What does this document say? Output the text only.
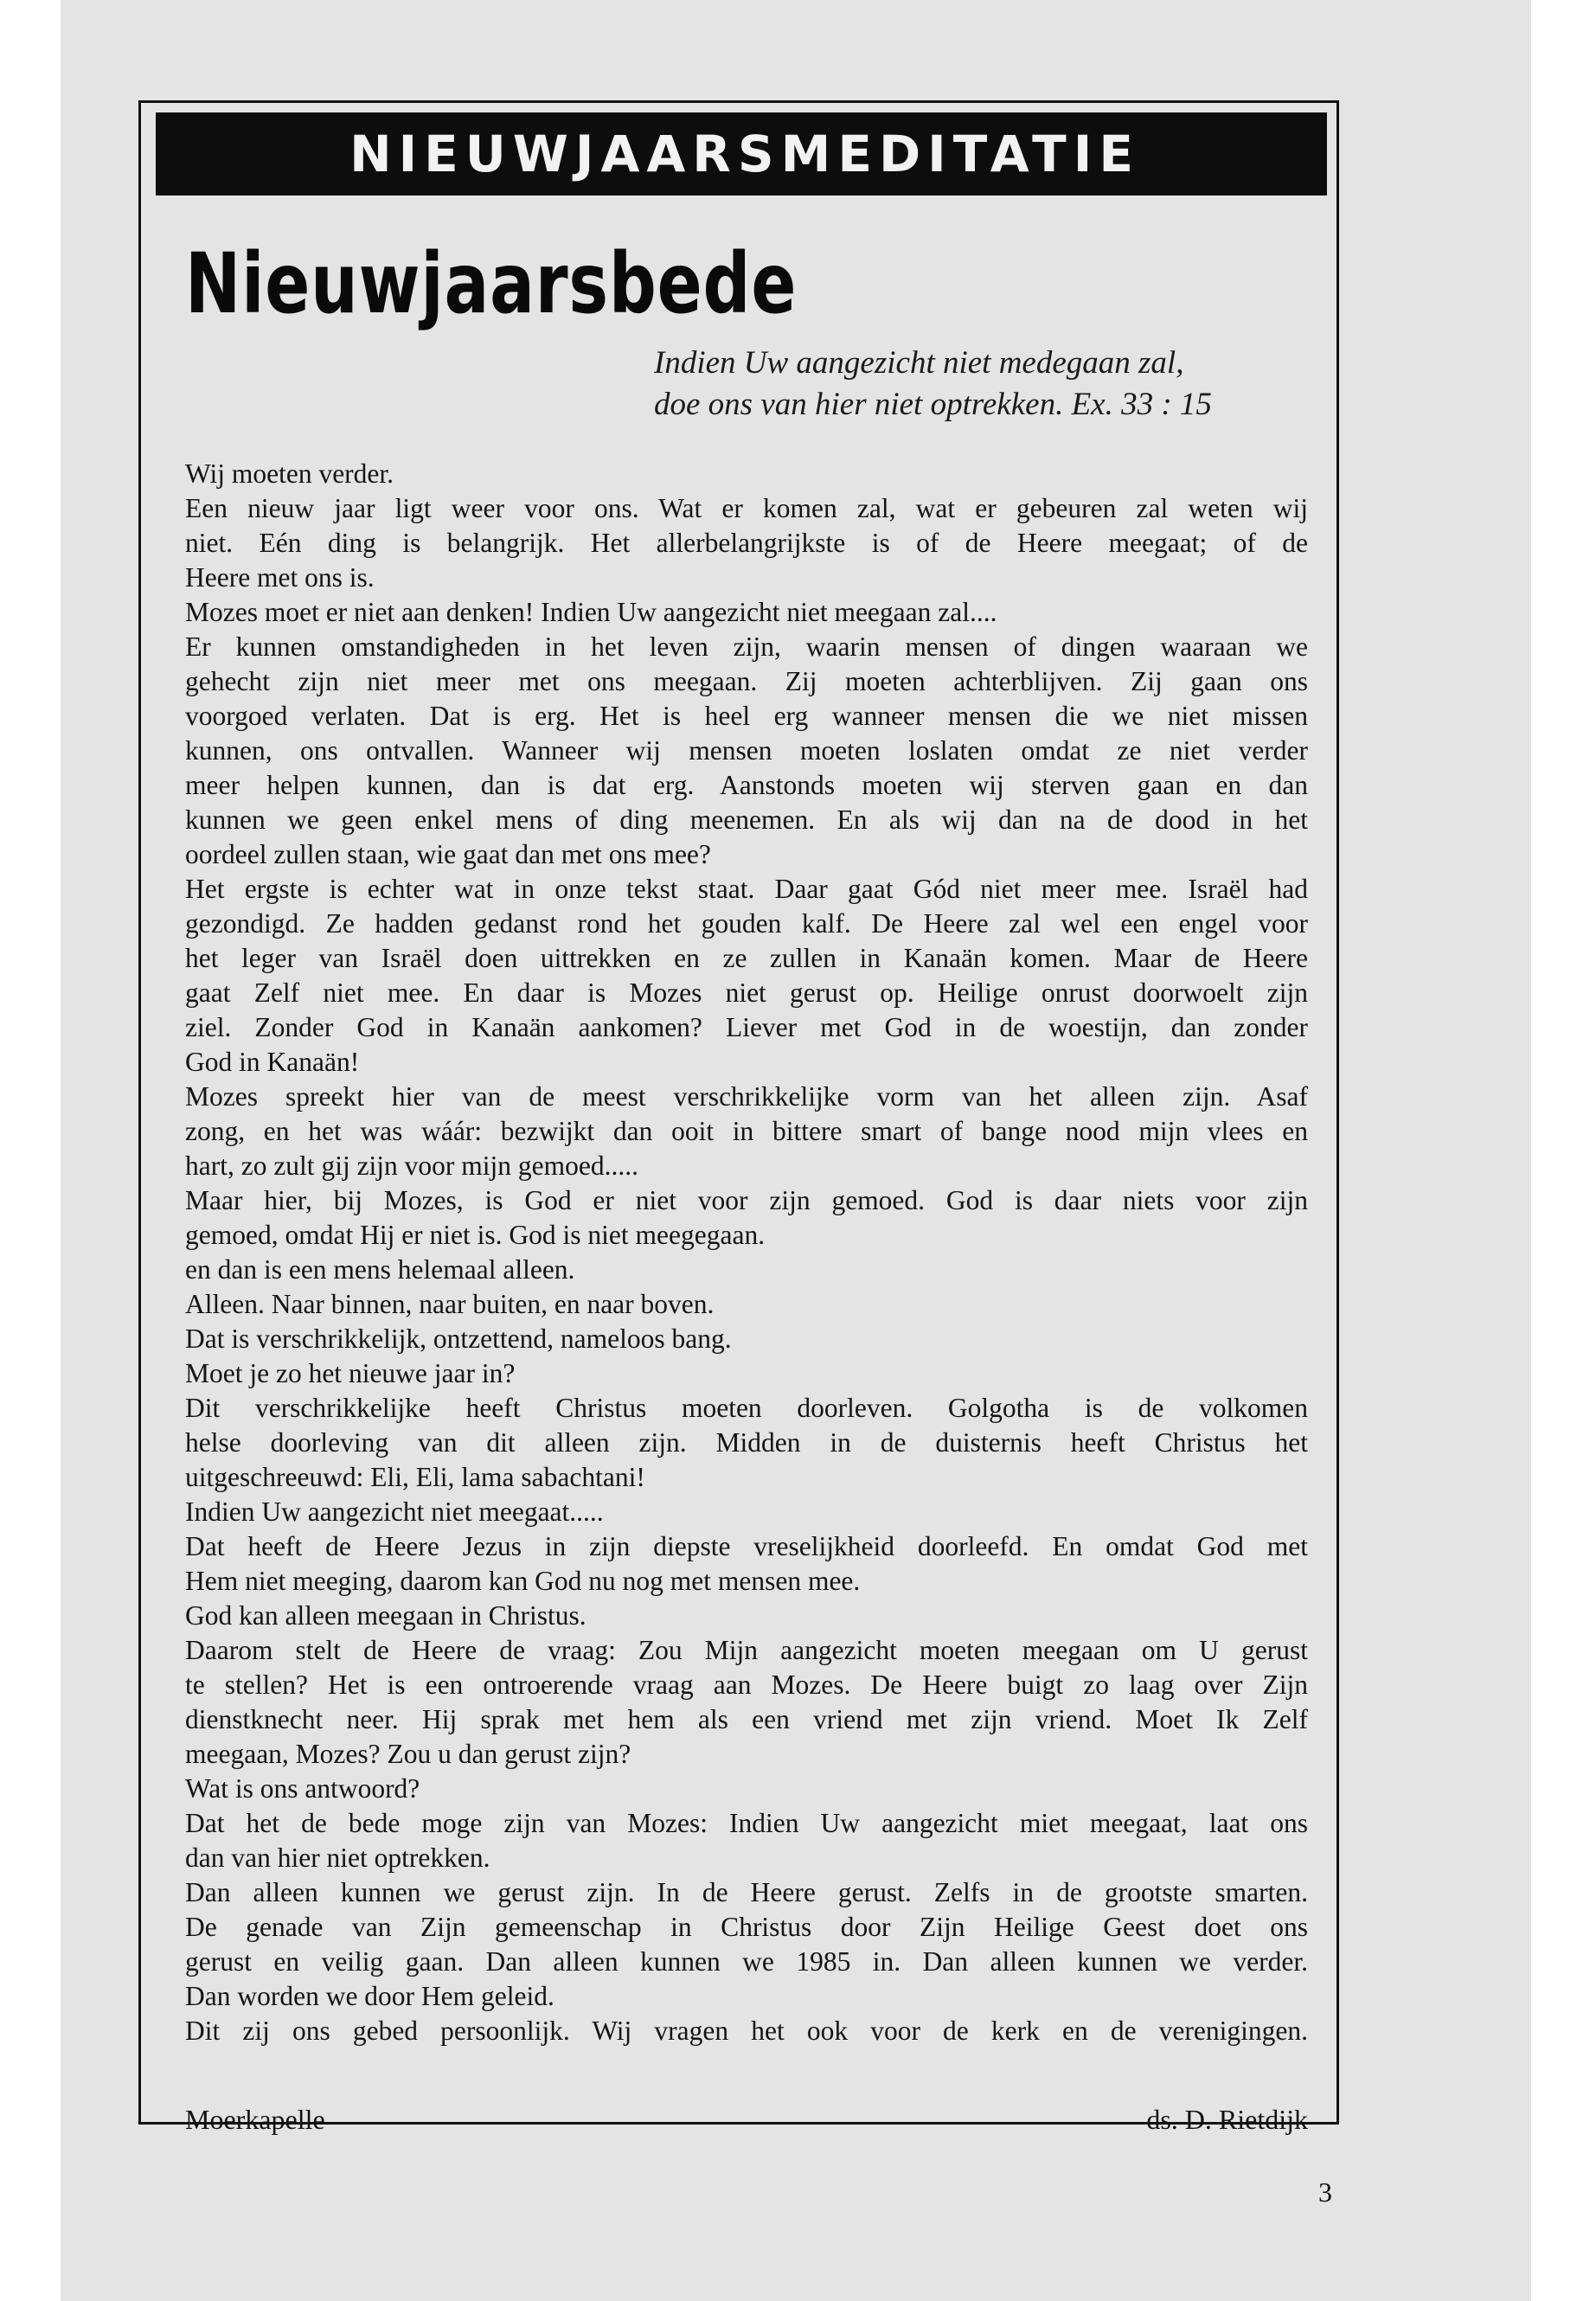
NIEUWJAARSMEDITATIE
Nieuwjaarsbede
Indien Uw aangezicht niet medegaan zal,
doe ons van hier niet optrekken. Ex. 33 : 15
Wij moeten verder.
Een nieuw jaar ligt weer voor ons. Wat er komen zal, wat er gebeuren zal weten wij
niet. Eén ding is belangrijk. Het allerbelangrijkste is of de Heere meegaat; of de
Heere met ons is.
Mozes moet er niet aan denken! Indien Uw aangezicht niet meegaan zal....
Er kunnen omstandigheden in het leven zijn, waarin mensen of dingen waaraan we
gehecht zijn niet meer met ons meegaan. Zij moeten achterblijven. Zij gaan ons
voorgoed verlaten. Dat is erg. Het is heel erg wanneer mensen die we niet missen
kunnen, ons ontvallen. Wanneer wij mensen moeten loslaten omdat ze niet verder
meer helpen kunnen, dan is dat erg. Aanstonds moeten wij sterven gaan en dan
kunnen we geen enkel mens of ding meenemen. En als wij dan na de dood in het
oordeel zullen staan, wie gaat dan met ons mee?
Het ergste is echter wat in onze tekst staat. Daar gaat Gód niet meer mee. Israël had
gezondigd. Ze hadden gedanst rond het gouden kalf. De Heere zal wel een engel voor
het leger van Israël doen uittrekken en ze zullen in Kanaän komen. Maar de Heere
gaat Zelf niet mee. En daar is Mozes niet gerust op. Heilige onrust doorwoelt zijn
ziel. Zonder God in Kanaän aankomen? Liever met God in de woestijn, dan zonder
God in Kanaän!
Mozes spreekt hier van de meest verschrikkelijke vorm van het alleen zijn. Asaf
zong, en het was wáár: bezwijkt dan ooit in bittere smart of bange nood mijn vlees en
hart, zo zult gij zijn voor mijn gemoed.....
Maar hier, bij Mozes, is God er niet voor zijn gemoed. God is daar niets voor zijn
gemoed, omdat Hij er niet is. God is niet meegegaan.
en dan is een mens helemaal alleen.
Alleen. Naar binnen, naar buiten, en naar boven.
Dat is verschrikkelijk, ontzettend, nameloos bang.
Moet je zo het nieuwe jaar in?
Dit verschrikkelijke heeft Christus moeten doorleven. Golgotha is de volkomen
helse doorleving van dit alleen zijn. Midden in de duisternis heeft Christus het
uitgeschreeuwd: Eli, Eli, lama sabachtani!
Indien Uw aangezicht niet meegaat.....
Dat heeft de Heere Jezus in zijn diepste vreselijkheid doorleefd. En omdat God met
Hem niet meeging, daarom kan God nu nog met mensen mee.
God kan alleen meegaan in Christus.
Daarom stelt de Heere de vraag: Zou Mijn aangezicht moeten meegaan om U gerust
te stellen? Het is een ontroerende vraag aan Mozes. De Heere buigt zo laag over Zijn
dienstknecht neer. Hij sprak met hem als een vriend met zijn vriend. Moet Ik Zelf
meegaan, Mozes? Zou u dan gerust zijn?
Wat is ons antwoord?
Dat het de bede moge zijn van Mozes: Indien Uw aangezicht miet meegaat, laat ons
dan van hier niet optrekken.
Dan alleen kunnen we gerust zijn. In de Heere gerust. Zelfs in de grootste smarten.
De genade van Zijn gemeenschap in Christus door Zijn Heilige Geest doet ons
gerust en veilig gaan. Dan alleen kunnen we 1985 in. Dan alleen kunnen we verder.
Dan worden we door Hem geleid.
Dit zij ons gebed persoonlijk. Wij vragen het ook voor de kerk en de verenigingen.
Moerkapelle	ds. D. Rietdijk
3
